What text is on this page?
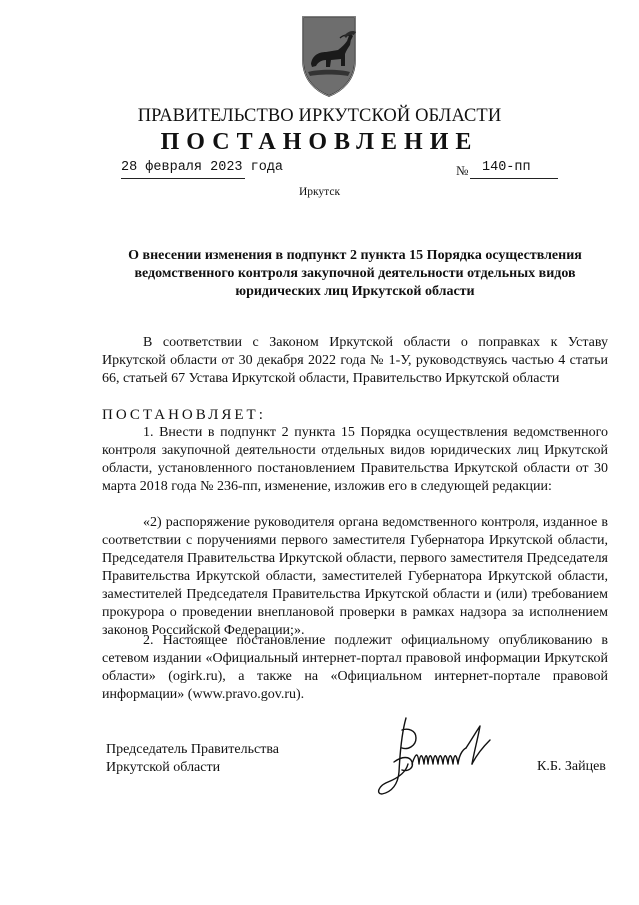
ПРАВИТЕЛЬСТВО ИРКУТСКОЙ ОБЛАСТИ
ПОСТАНОВЛЕНИЕ
28 февраля 2023 года	№ 140-пп
Иркутск
О внесении изменения в подпункт 2 пункта 15 Порядка осуществления ведомственного контроля закупочной деятельности отдельных видов юридических лиц Иркутской области

В соответствии с Законом Иркутской области о поправках к Уставу Иркутской области от 30 декабря 2022 года № 1-У, руководствуясь частью 4 статьи 66, статьей 67 Устава Иркутской области, Правительство Иркутской области

ПОСТАНОВЛЯЕТ:

1. Внести в подпункт 2 пункта 15 Порядка осуществления ведомственного контроля закупочной деятельности отдельных видов юридических лиц Иркутской области, установленного постановлением Правительства Иркутской области от 30 марта 2018 года № 236-пп, изменение, изложив его в следующей редакции:

«2) распоряжение руководителя органа ведомственного контроля, изданное в соответствии с поручениями первого заместителя Губернатора Иркутской области, Председателя Правительства Иркутской области, первого заместителя Председателя Правительства Иркутской области, заместителей Губернатора Иркутской области, заместителей Председателя Правительства Иркутской области и (или) требованием прокурора о проведении внеплановой проверки в рамках надзора за исполнением законов Российской Федерации;».

2. Настоящее постановление подлежит официальному опубликованию в сетевом издании «Официальный интернет-портал правовой информации Иркутской области» (ogirk.ru), а также на «Официальном интернет-портале правовой информации» (www.pravo.gov.ru).

Председатель Правительства
Иркутской области	К.Б. Зайцев
